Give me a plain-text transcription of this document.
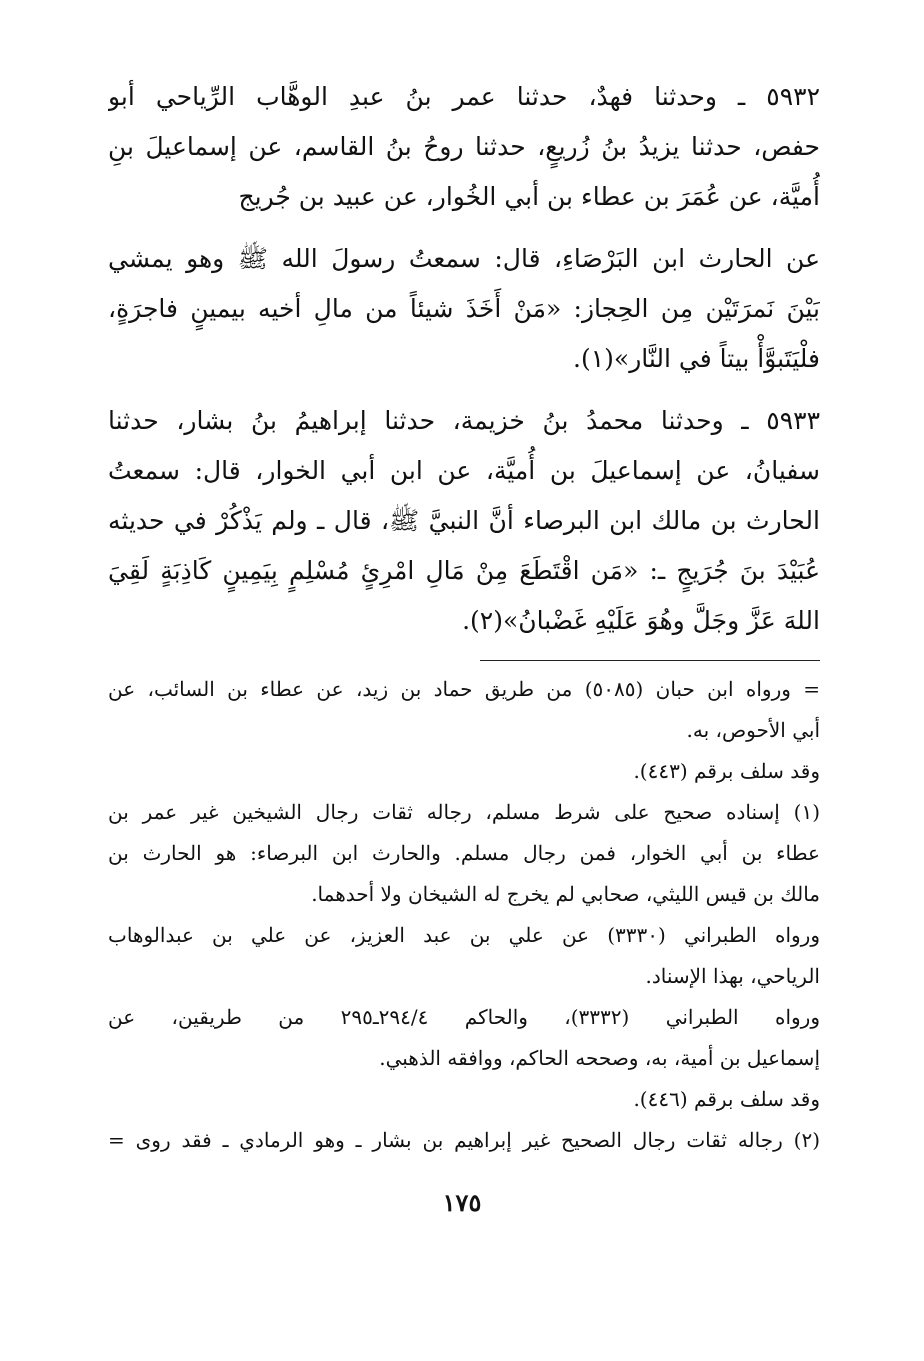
٥٩٣٢ ـ وحدثنا فهدٌ، حدثنا عمر بنُ عبدِ الوهَّاب الرِّياحي أبو
حفص، حدثنا يزيدُ بنُ زُريعٍ، حدثنا روحُ بنُ القاسم، عن إسماعيلَ بنِ
أُميَّة، عن عُمَرَ بن عطاء بن أبي الخُوار، عن عبيد بن جُريج
عن الحارث ابن البَرْصَاءِ، قال: سمعتُ رسولَ الله ﷺ وهو يمشي
بَيْنَ نَمرَتَيْن مِن الحِجاز: «مَنْ أَخَذَ شيئاً من مالِ أخيه بيمينٍ فاجرَةٍ،
فلْيَتَبوَّأْ بيتاً في النَّار»(١).
٥٩٣٣ ـ وحدثنا محمدُ بنُ خزيمة، حدثنا إبراهيمُ بنُ بشار، حدثنا
سفيانُ، عن إسماعيلَ بن أُميَّة، عن ابن أبي الخوار، قال: سمعتُ
الحارث بن مالك ابن البرصاء أنَّ النبيَّ ﷺ، قال ـ ولم يَذْكُرْ في حديثه
عُبَيْدَ بنَ جُرَيجٍ ـ: «مَن اقْتَطَعَ مِنْ مَالِ امْرِئٍ مُسْلِمٍ بِيَمِينٍ كَاذِبَةٍ لَقِيَ
اللهَ عَزَّ وجَلَّ وهُوَ عَلَيْهِ غَضْبانُ»(٢).
= ورواه ابن حبان (٥٠٨٥) من طريق حماد بن زيد، عن عطاء بن السائب، عن
أبي الأحوص، به.
وقد سلف برقم (٤٤٣).
(١) إسناده صحيح على شرط مسلم، رجاله ثقات رجال الشيخين غير عمر بن
عطاء بن أبي الخوار، فمن رجال مسلم. والحارث ابن البرصاء: هو الحارث بن
مالك بن قيس الليثي، صحابي لم يخرج له الشيخان ولا أحدهما.
ورواه الطبراني (٣٣٣٠) عن علي بن عبد العزيز، عن علي بن عبدالوهاب
الرياحي، بهذا الإسناد.
ورواه الطبراني (٣٣٣٢)، والحاكم ٢٩٤/٤ـ٢٩٥ من طريقين، عن
إسماعيل بن أمية، به، وصححه الحاكم، ووافقه الذهبي.
وقد سلف برقم (٤٤٦).
(٢) رجاله ثقات رجال الصحيح غير إبراهيم بن بشار ـ وهو الرمادي ـ فقد روى =
١٧٥
